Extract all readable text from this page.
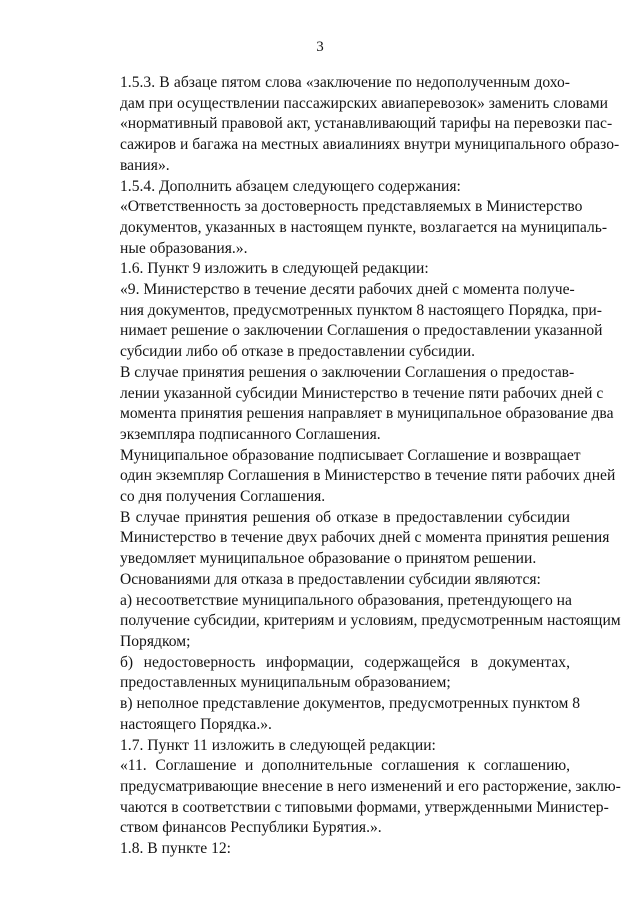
3

1.5.3. В абзаце пятом слова «заключение по недополученным дохо-
дам при осуществлении пассажирских авиаперевозок» заменить словами
«нормативный правовой акт, устанавливающий тарифы на перевозки пас-
сажиров и багажа на местных авиалиниях внутри муниципального образо-
вания».

1.5.4. Дополнить абзацем следующего содержания:

«Ответственность за достоверность представляемых в Министерство
документов, указанных в настоящем пункте, возлагается на муниципаль-
ные образования.».

1.6. Пункт 9 изложить в следующей редакции:

«9. Министерство в течение десяти рабочих дней с момента получе-
ния документов, предусмотренных пунктом 8 настоящего Порядка, при-
нимает решение о заключении Соглашения о предоставлении указанной
субсидии либо об отказе в предоставлении субсидии.

В случае принятия решения о заключении Соглашения о предостав-
лении указанной субсидии Министерство в течение пяти рабочих дней с
момента принятия решения направляет в муниципальное образование два
экземпляра подписанного Соглашения.

Муниципальное образование подписывает Соглашение и возвращает
один экземпляр Соглашения в Министерство в течение пяти рабочих дней
со дня получения Соглашения.

В случае принятия решения об отказе в предоставлении субсидии
Министерство в течение двух рабочих дней с момента принятия решения
уведомляет муниципальное образование о принятом решении.

Основаниями для отказа в предоставлении субсидии являются:

а) несоответствие муниципального образования, претендующего на
получение субсидии, критериям и условиям, предусмотренным настоящим
Порядком;

б) недостоверность информации, содержащейся в документах,
предоставленных муниципальным образованием;

в) неполное представление документов, предусмотренных пунктом 8
настоящего Порядка.».

1.7. Пункт 11 изложить в следующей редакции:

«11. Соглашение и дополнительные соглашения к соглашению,
предусматривающие внесение в него изменений и его расторжение, заклю-
чаются в соответствии с типовыми формами, утвержденными Министер-
ством финансов Республики Бурятия.».

1.8. В пункте 12:
